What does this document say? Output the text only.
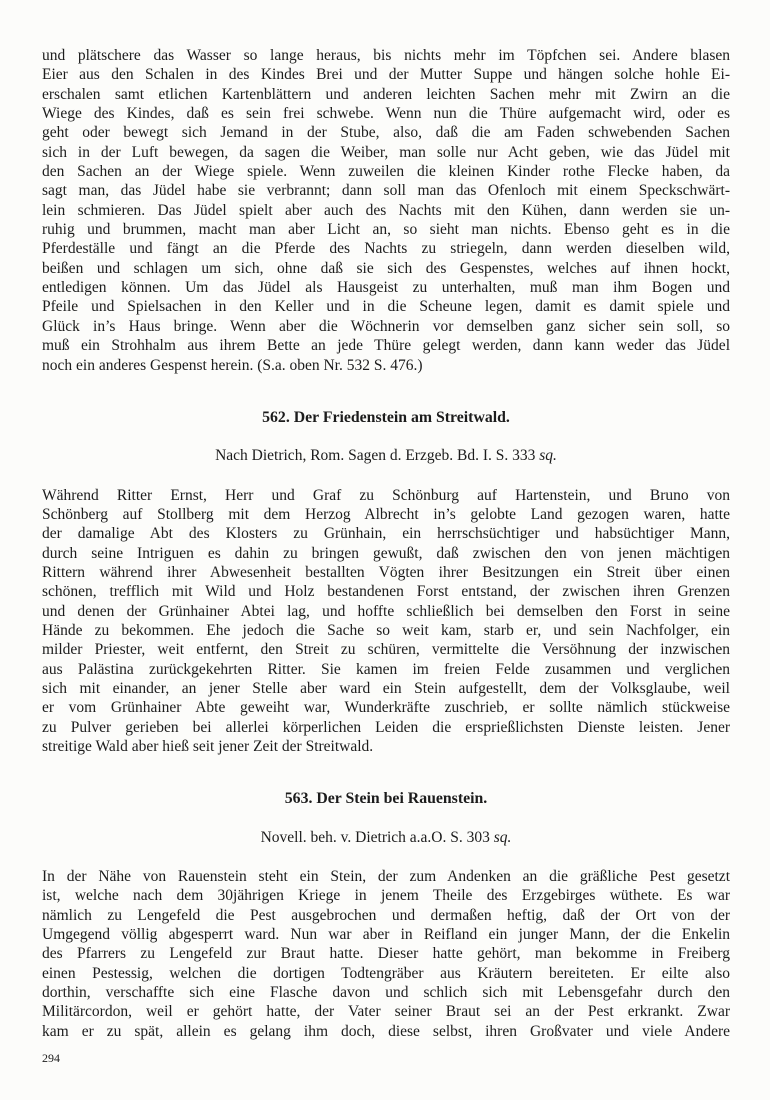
und plätschere das Wasser so lange heraus, bis nichts mehr im Töpfchen sei. Andere blasen
Eier aus den Schalen in des Kindes Brei und der Mutter Suppe und hängen solche hohle Ei-
erschalen samt etlichen Kartenblättern und anderen leichten Sachen mehr mit Zwirn an die
Wiege des Kindes, daß es sein frei schwebe. Wenn nun die Thüre aufgemacht wird, oder es
geht oder bewegt sich Jemand in der Stube, also, daß die am Faden schwebenden Sachen
sich in der Luft bewegen, da sagen die Weiber, man solle nur Acht geben, wie das Jüdel mit
den Sachen an der Wiege spiele. Wenn zuweilen die kleinen Kinder rothe Flecke haben, da
sagt man, das Jüdel habe sie verbrannt; dann soll man das Ofenloch mit einem Speckschwärt-
lein schmieren. Das Jüdel spielt aber auch des Nachts mit den Kühen, dann werden sie un-
ruhig und brummen, macht man aber Licht an, so sieht man nichts. Ebenso geht es in die
Pferdeställe und fängt an die Pferde des Nachts zu striegeln, dann werden dieselben wild,
beißen und schlagen um sich, ohne daß sie sich des Gespenstes, welches auf ihnen hockt,
entledigen können. Um das Jüdel als Hausgeist zu unterhalten, muß man ihm Bogen und
Pfeile und Spielsachen in den Keller und in die Scheune legen, damit es damit spiele und
Glück in’s Haus bringe. Wenn aber die Wöchnerin vor demselben ganz sicher sein soll, so
muß ein Strohhalm aus ihrem Bette an jede Thüre gelegt werden, dann kann weder das Jüdel
noch ein anderes Gespenst herein. (S.a. oben Nr. 532 S. 476.)
562. Der Friedenstein am Streitwald.
Nach Dietrich, Rom. Sagen d. Erzgeb. Bd. I. S. 333 sq.
Während Ritter Ernst, Herr und Graf zu Schönburg auf Hartenstein, und Bruno von
Schönberg auf Stollberg mit dem Herzog Albrecht in’s gelobte Land gezogen waren, hatte
der damalige Abt des Klosters zu Grünhain, ein herrschsüchtiger und habsüchtiger Mann,
durch seine Intriguen es dahin zu bringen gewußt, daß zwischen den von jenen mächtigen
Rittern während ihrer Abwesenheit bestallten Vögten ihrer Besitzungen ein Streit über einen
schönen, trefflich mit Wild und Holz bestandenen Forst entstand, der zwischen ihren Grenzen
und denen der Grünhainer Abtei lag, und hoffte schließlich bei demselben den Forst in seine
Hände zu bekommen. Ehe jedoch die Sache so weit kam, starb er, und sein Nachfolger, ein
milder Priester, weit entfernt, den Streit zu schüren, vermittelte die Versöhnung der inzwischen
aus Palästina zurückgekehrten Ritter. Sie kamen im freien Felde zusammen und verglichen
sich mit einander, an jener Stelle aber ward ein Stein aufgestellt, dem der Volksglaube, weil
er vom Grünhainer Abte geweiht war, Wunderkräfte zuschrieb, er sollte nämlich stückweise
zu Pulver gerieben bei allerlei körperlichen Leiden die ersprießlichsten Dienste leisten. Jener
streitige Wald aber hieß seit jener Zeit der Streitwald.
563. Der Stein bei Rauenstein.
Novell. beh. v. Dietrich a.a.O. S. 303 sq.
In der Nähe von Rauenstein steht ein Stein, der zum Andenken an die gräßliche Pest gesetzt
ist, welche nach dem 30jährigen Kriege in jenem Theile des Erzgebirges wüthete. Es war
nämlich zu Lengefeld die Pest ausgebrochen und dermaßen heftig, daß der Ort von der
Umgegend völlig abgesperrt ward. Nun war aber in Reifland ein junger Mann, der die Enkelin
des Pfarrers zu Lengefeld zur Braut hatte. Dieser hatte gehört, man bekomme in Freiberg
einen Pestessig, welchen die dortigen Todtengräber aus Kräutern bereiteten. Er eilte also
dorthin, verschaffte sich eine Flasche davon und schlich sich mit Lebensgefahr durch den
Militärcordon, weil er gehört hatte, der Vater seiner Braut sei an der Pest erkrankt. Zwar
kam er zu spät, allein es gelang ihm doch, diese selbst, ihren Großvater und viele Andere
294
